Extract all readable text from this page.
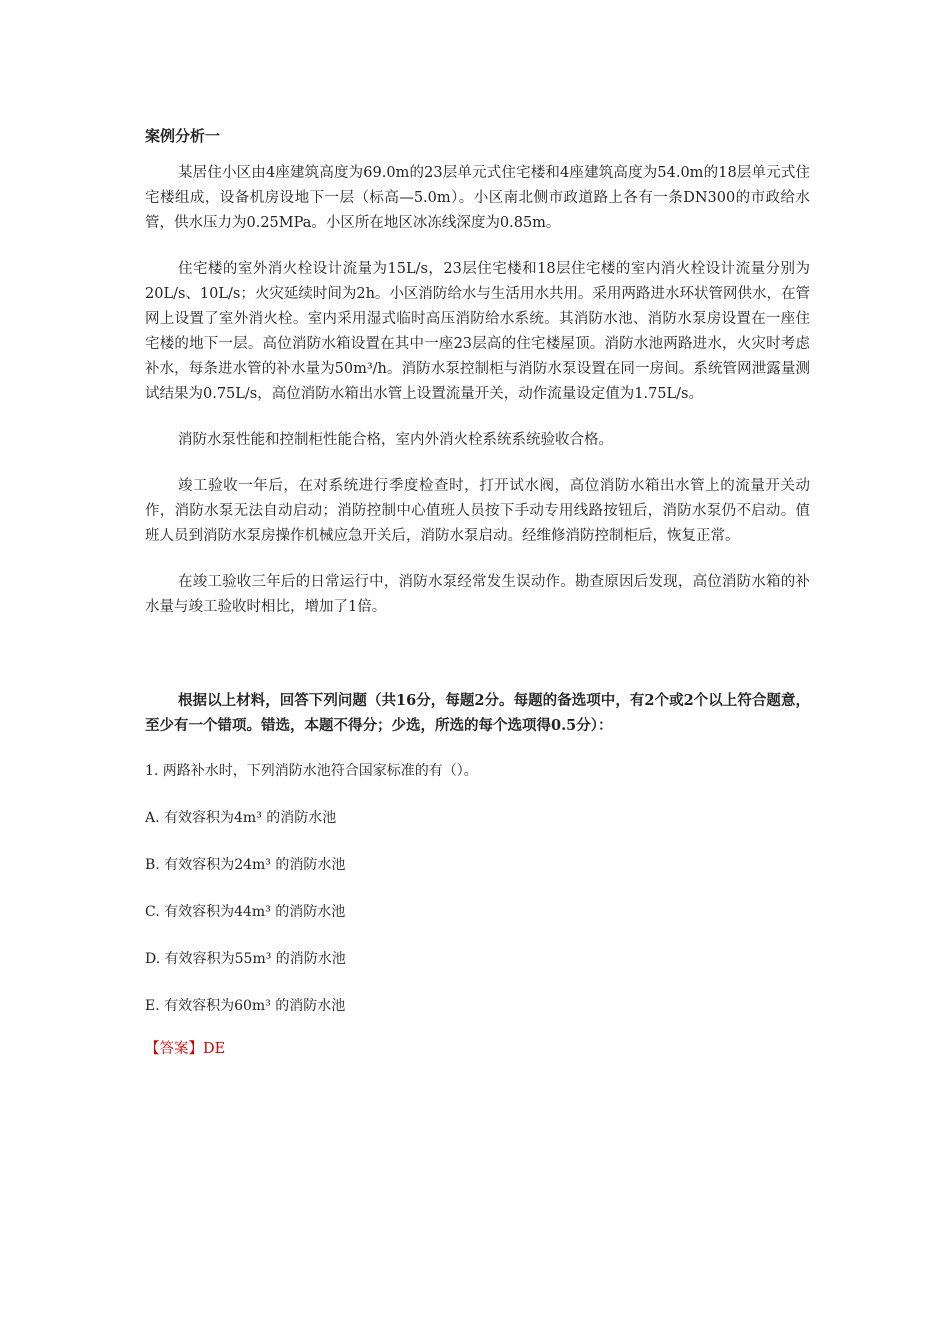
案例分析一

某居住小区由4座建筑高度为69.0m的23层单元式住宅楼和4座建筑高度为54.0m的18层单元式住宅楼组成，设备机房设地下一层（标高—5.0m）。小区南北侧市政道路上各有一条DN300的市政给水管，供水压力为0.25MPa。小区所在地区冰冻线深度为0.85m。

住宅楼的室外消火栓设计流量为15L/s，23层住宅楼和18层住宅楼的室内消火栓设计流量分别为20L/s、10L/s；火灾延续时间为2h。小区消防给水与生活用水共用。采用两路进水环状管网供水，在管网上设置了室外消火栓。室内采用湿式临时高压消防给水系统。其消防水池、消防水泵房设置在一座住宅楼的地下一层。高位消防水箱设置在其中一座23层高的住宅楼屋顶。消防水池两路进水，火灾时考虑补水，每条进水管的补水量为50m³/h。消防水泵控制柜与消防水泵设置在同一房间。系统管网泄露量测试结果为0.75L/s，高位消防水箱出水管上设置流量开关，动作流量设定值为1.75L/s。

消防水泵性能和控制柜性能合格，室内外消火栓系统系统验收合格。

竣工验收一年后，在对系统进行季度检查时，打开试水阀，高位消防水箱出水管上的流量开关动作，消防水泵无法自动启动；消防控制中心值班人员按下手动专用线路按钮后，消防水泵仍不启动。值班人员到消防水泵房操作机械应急开关后，消防水泵启动。经维修消防控制柜后，恢复正常。

在竣工验收三年后的日常运行中，消防水泵经常发生误动作。勘查原因后发现，高位消防水箱的补水量与竣工验收时相比，增加了1倍。

根据以上材料，回答下列问题（共16分，每题2分。每题的备选项中，有2个或2个以上符合题意，至少有一个错项。错选，本题不得分；少选，所选的每个选项得0.5分）：

1. 两路补水时，下列消防水池符合国家标准的有（）。
A. 有效容积为4m³ 的消防水池
B. 有效容积为24m³ 的消防水池
C. 有效容积为44m³ 的消防水池
D. 有效容积为55m³ 的消防水池
E. 有效容积为60m³ 的消防水池
【答案】DE
